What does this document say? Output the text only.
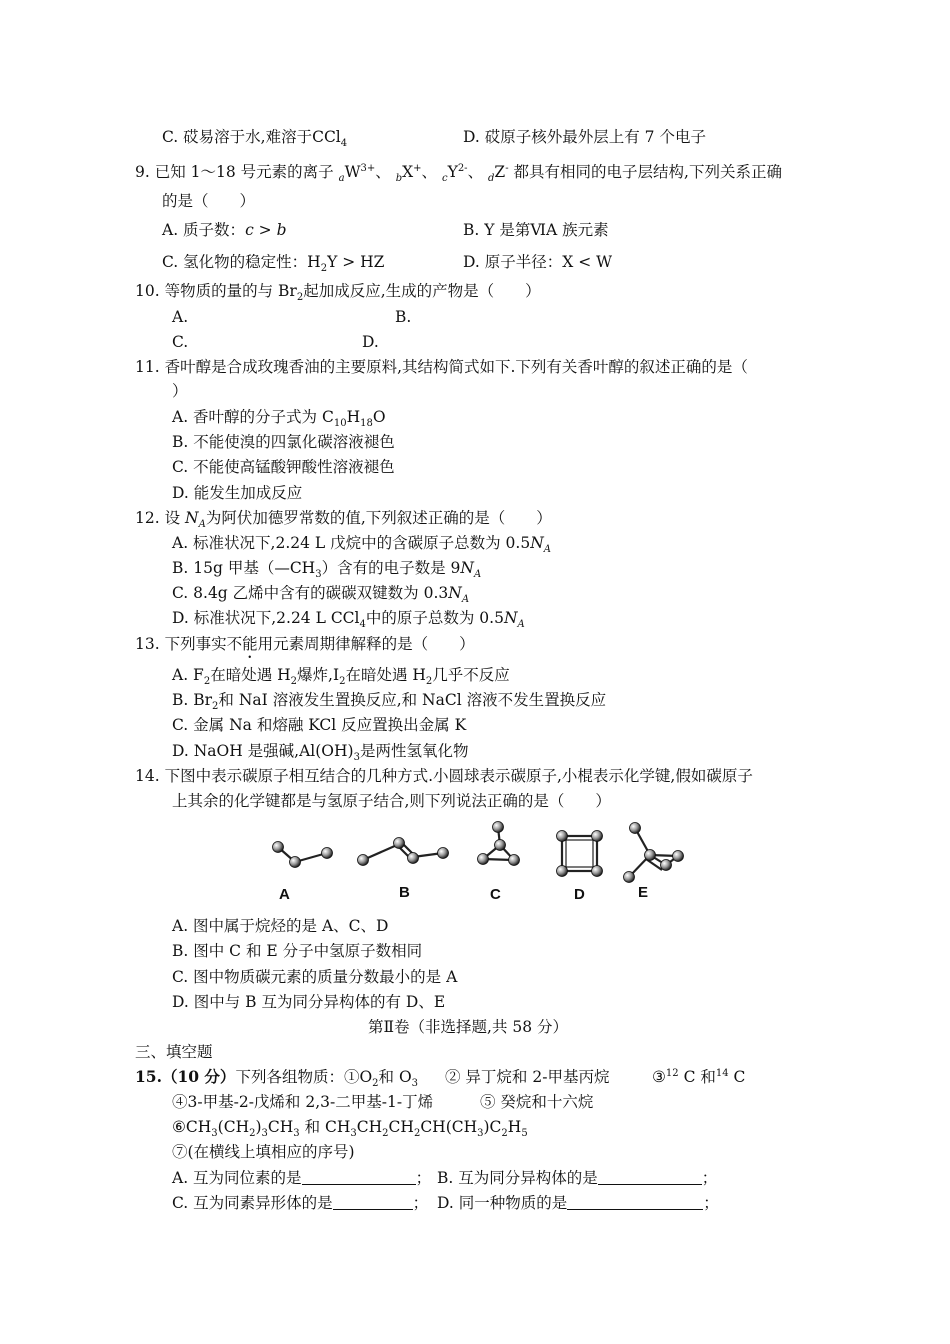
C. 砹易溶于水,难溶于CCl$_4$	D. 砹原子核外最外层上有 7 个电子
9. 已知 1～18 号元素的离子 $_aW^{3+}$、 $_b$X+、 $_cY^{2-}$、 $_d$Z- 都具有相同的电子层结构,下列关系正确
的是（　　）
A. 质子数：c > b	B. Y 是第ⅥA 族元素
C. 氢化物的稳定性：$H_2Y$ > HZ	D. 原子半径：X < W
10. 等物质的量的与 $Br_2$起加成反应,生成的产物是（　　）
A.	B.
C.	D.
11. 香叶醇是合成玫瑰香油的主要原料,其结构简式如下.下列有关香叶醇的叙述正确的是（
）
A. 香叶醇的分子式为 $C_{10}H_{18}O$
B. 不能使溴的四氯化碳溶液褪色
C. 不能使高锰酸钾酸性溶液褪色
D. 能发生加成反应
12. 设 $N_A$为阿伏加德罗常数的值,下列叙述正确的是（　　）
A. 标准状况下,2.24 L 戊烷中的含碳原子总数为 $0.5N_A$
B. 15g 甲基$(—CH_3)$含有的电子数是 $9N_A$
C. 8.4g 乙烯中含有的碳碳双键数为 $0.3N_A$
D. 标准状况下,2.24 L CCl$_4$中的原子总数为 $0.5N_A$
13. 下列事实不能用元素周期律解释的是（　　）
A. $F_2$在暗处遇 $H_2$爆炸$,I_2$在暗处遇 $H_2$几乎不反应
B. $Br_2$和 NaI 溶液发生置换反应,和 NaCl 溶液不发生置换反应
C. 金属 Na 和熔融 KCl 反应置换出金属 K
D. NaOH 是强碱$,Al(OH)_3$是两性氢氧化物
14. 下图中表示碳原子相互结合的几种方式.小圆球表示碳原子,小棍表示化学键,假如碳原子
上其余的化学键都是与氢原子结合,则下列说法正确的是（　　）
A	B	C	D	E
A. 图中属于烷烃的是 A、C、D
B. 图中 C 和 E 分子中氢原子数相同
C. 图中物质碳元素的质量分数最小的是 A
D. 图中与 B 互为同分异构体的有 D、E
第Ⅱ卷（非选择题,共 58 分）
三、填空题
15.（10 分）下列各组物质：$①O_2$和 $O_3$ ② 异丁烷和 2-甲基丙烷	③$^{12}$ C 和$^{14}$ C
④3-甲基-2-戊烯和 2,3-二甲基-1-丁烯	⑤ 癸烷和十六烷
$⑥CH_3(CH_2)_3CH_3$ 和 $CH_3CH_2CH_2CH(CH_3)C_2H_5$
⑦(在横线上填相应的序号)
A. 互为同位素的是	； B. 互为同分异构体的是	；
C. 互为同素异形体的是	； D. 同一种物质的是	；
